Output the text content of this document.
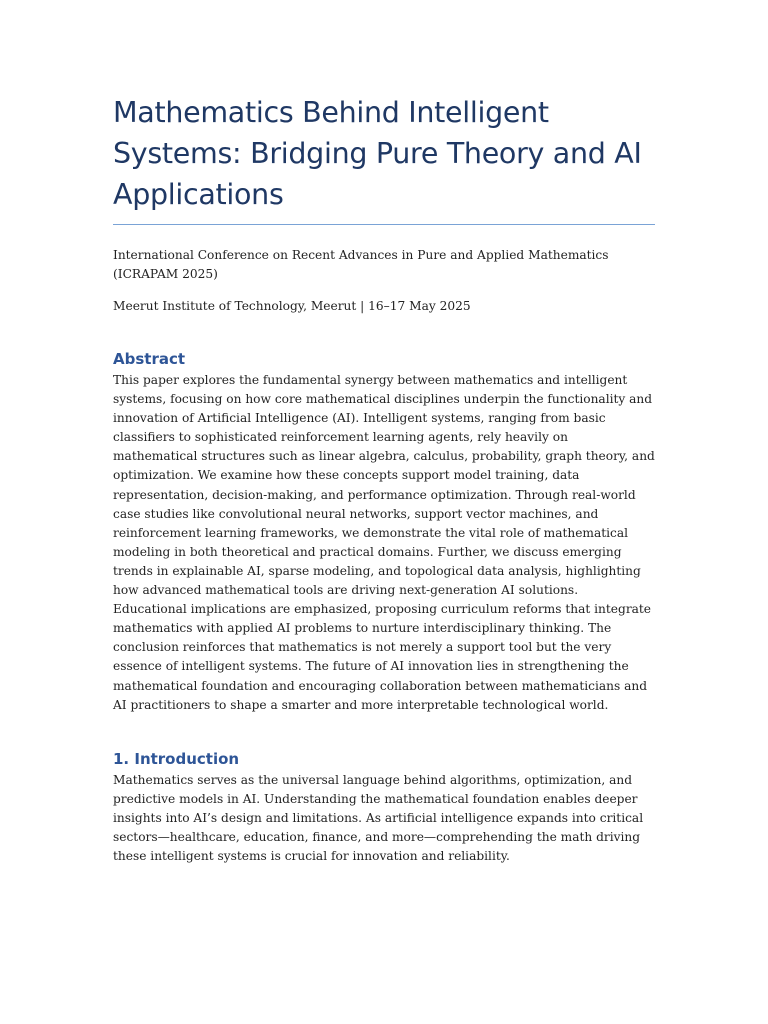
Mathematics Behind Intelligent Systems: Bridging Pure Theory and AI Applications

International Conference on Recent Advances in Pure and Applied Mathematics (ICRAPAM 2025)

Meerut Institute of Technology, Meerut | 16–17 May 2025

Abstract

This paper explores the fundamental synergy between mathematics and intelligent systems, focusing on how core mathematical disciplines underpin the functionality and innovation of Artificial Intelligence (AI). Intelligent systems, ranging from basic classifiers to sophisticated reinforcement learning agents, rely heavily on mathematical structures such as linear algebra, calculus, probability, graph theory, and optimization. We examine how these concepts support model training, data representation, decision-making, and performance optimization. Through real-world case studies like convolutional neural networks, support vector machines, and reinforcement learning frameworks, we demonstrate the vital role of mathematical modeling in both theoretical and practical domains. Further, we discuss emerging trends in explainable AI, sparse modeling, and topological data analysis, highlighting how advanced mathematical tools are driving next-generation AI solutions. Educational implications are emphasized, proposing curriculum reforms that integrate mathematics with applied AI problems to nurture interdisciplinary thinking. The conclusion reinforces that mathematics is not merely a support tool but the very essence of intelligent systems. The future of AI innovation lies in strengthening the mathematical foundation and encouraging collaboration between mathematicians and AI practitioners to shape a smarter and more interpretable technological world.

1. Introduction

Mathematics serves as the universal language behind algorithms, optimization, and predictive models in AI. Understanding the mathematical foundation enables deeper insights into AI’s design and limitations. As artificial intelligence expands into critical sectors—healthcare, education, finance, and more—comprehending the math driving these intelligent systems is crucial for innovation and reliability.
